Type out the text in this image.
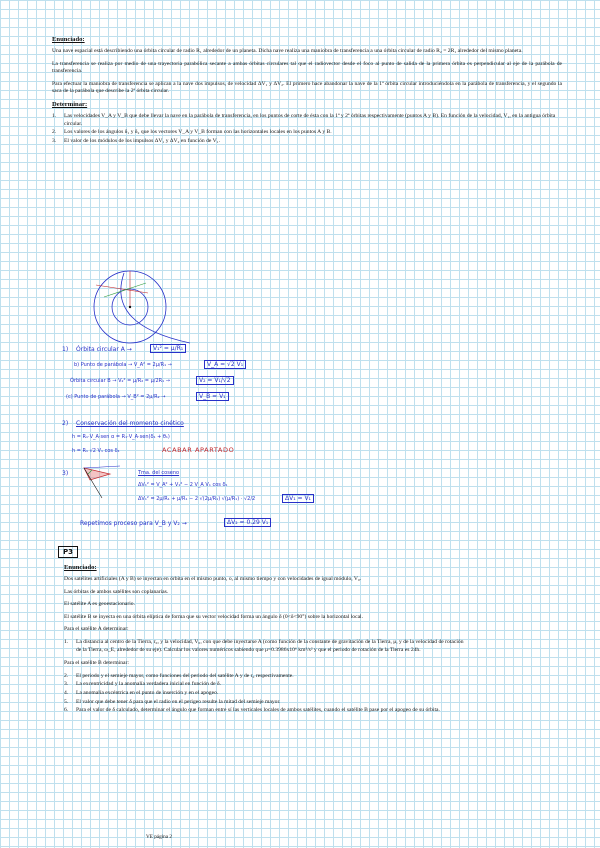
Enunciado:

Una nave espacial está describiendo una órbita circular de radio R₁ alrededor de un planeta. Dicha nave realiza una maniobra de transferencia a una órbita circular de radio R₂ = 2R₁ alrededor del mismo planeta.

La transferencia se realiza por medio de una trayectoria parabólica secante a ambas órbitas circulares tal que el radiovector desde el foco al punto de salida de la primera órbita es perpendicular al eje de la parábola de transferencia.

Para efectuar la maniobra de transferencia se aplican a la nave dos impulsos, de velocidad ΔV₁ y ΔV₂. El primero hace abandonar la nave de la 1ª órbita circular introduciéndola en la parábola de transferencia, y el segundo la saca de la parábola que describe la 2ª órbita circular.

Determinar:

1. Las velocidades V_A y V_B que debe llevar la nave en la parábola de transferencia, en los puntos de corte de ésta con la 1ª y 2ª órbitas respectivamente (puntos A y B). En función de la velocidad, V₁, en la antigua órbita circular.
2. Los valores de los ángulos δ₁ y δ₂ que los vectores V_A y V_B forman con las horizontales locales en los puntos A y B.
3. El valor de los módulos de los impulsos ΔV₁ y ΔV₂ en función de V₁.
1) Órbita circular A →	V₁² = μ/R₁
b) Punto de parábola → V_A² = 2μ/R₁ →	V_A = √2 V₁
Órbita circular B → V₂² = μ/R₂ = μ/2R₁ →	V₂ = V₁/√2
(c) Punto de parábola → V_B² = 2μ/R₂ →	V_B = V₁
2) Conservación del momento cinético
h = R₁·V_A·sen α = R₁·V_A·sen(δ₁ + θ₁)
h = R₁ √2 V₁ cos δ₁	ACABAR APARTADO
3)	Tma. del coseno
ΔV₁² = V_A² + V₁² − 2 V_A V₁ cos δ₁
ΔV₁² = 2μ/R₁ + μ/R₁ − 2 √(2μ/R₁) √(μ/R₁) · √2/2	ΔV₁ = V₁
Repetimos proceso para V_B y V₂ →	ΔV₂ = 0.29 V₁
P3

Enunciado:

Dos satélites artificiales (A y B) se inyectan en órbita en el mismo punto, o, al mismo tiempo y con velocidades de igual módulo, V₀.

Las órbitas de ambos satélites son coplanarias.

El satélite A es geoestacionario.

El satélite B se inyecta en una órbita elíptica de forma que su vector velocidad forma un ángulo δ (0<δ<90°) sobre la horizontal local.

Para el satélite A determinar:

1. La distancia al centro de la Tierra, r₀, y la velocidad, V₀, con que debe inyectarse A (como función de la constante de gravitación de la Tierra, μ, y de la velocidad de rotación de la Tierra, ω_E, alrededor de su eje). Calcular los valores numéricos sabiendo que μ=0.3986x10⁶ km³/s² y que el periodo de rotación de la Tierra es 24h.

Para el satélite B determinar:

2. El periodo y el semieje mayor, como funciones del periodo del satélite A y de r₀ respectivamente.
3. La excentricidad y la anomalía verdadera inicial en función de δ.
4. La anomalía excéntrica en el punto de inserción y en el apogeo.
5. El valor que debe tener δ para que el radio en el perigeo resulte la mitad del semieje mayor.
6. Para el valor de δ calculado, determinar el ángulo que forman entre sí las verticales locales de ambos satélites, cuando el satélite B pase por el apogeo de su órbita.
VE página 2
